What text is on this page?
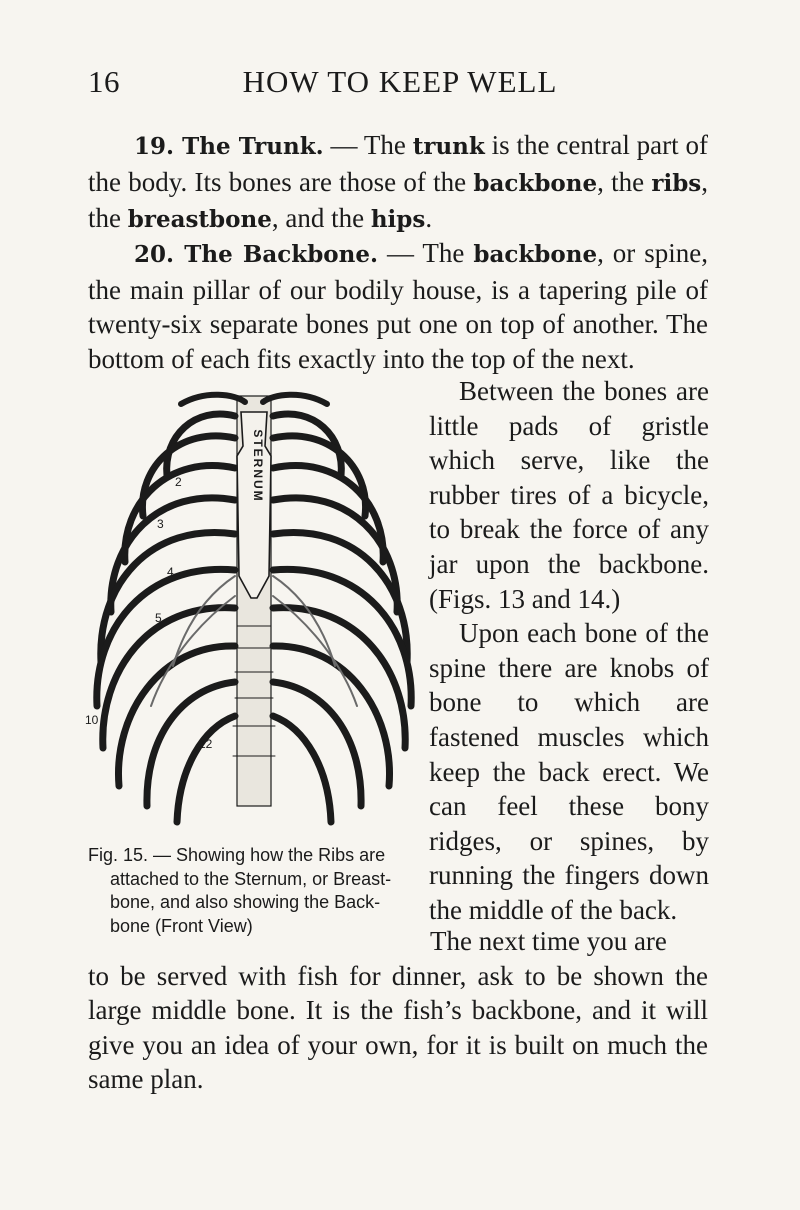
16	HOW TO KEEP WELL

19. The Trunk. — The trunk is the central part of the body. Its bones are those of the backbone, the ribs, the breastbone, and the hips.

20. The Backbone. — The backbone, or spine, the main pillar of our bodily house, is a tapering pile of twenty-six separate bones put one on top of another. The bottom of each fits exactly into the top of the next.

Between the bones are little pads of gristle which serve, like the rubber tires of a bicycle, to break the force of any jar upon the backbone. (Figs. 13 and 14.)

Upon each bone of the spine there are knobs of bone to which are fastened muscles which keep the back erect. We can feel these bony ridges, or spines, by running the fingers down the middle of the back.

STERNUM
2
3
4
5
12
10

Fig. 15. — Showing how the Ribs are
attached to the Sternum, or Breast-
bone, and also showing the Back-
bone (Front View)

The next time you are
to be served with fish for dinner, ask to be shown the large middle bone. It is the fish’s backbone, and it will give you an idea of your own, for it is built on much the same plan.
